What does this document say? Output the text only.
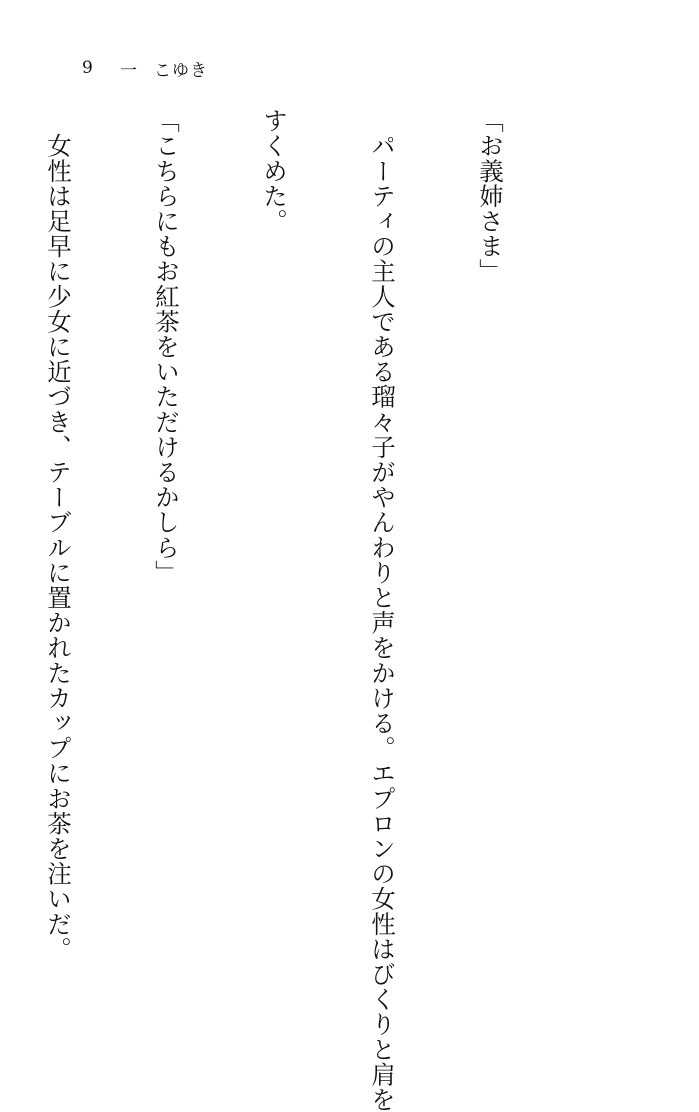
9	一 こゆき

「お義姉さま」

　パーティの主人である瑠々子がやんわりと声をかける。エプロンの女性はびくりと肩を

すくめた。

「こちらにもお紅茶をいただけるかしら」

　女性は足早に少女に近づき、テーブルに置かれたカップにお茶を注いだ。
